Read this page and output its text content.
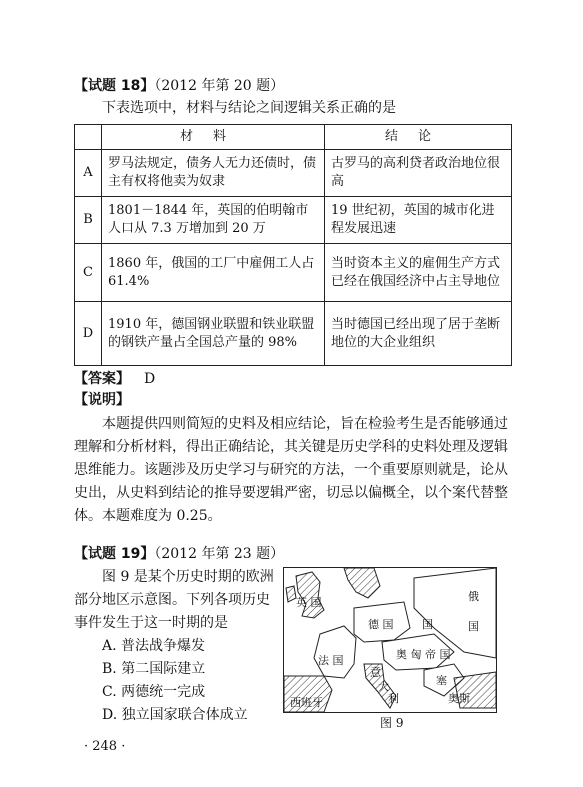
【试题 18】（2012 年第 20 题）
下表选项中，材料与结论之间逻辑关系正确的是
	材料	结论
A	罗马法规定，债务人无力还债时，债主有权将他卖为奴隶	古罗马的高利贷者政治地位很高
B	1801－1844 年，英国的伯明翰市人口从 7.3 万增加到 20 万	19 世纪初，英国的城市化进程发展迅速
C	1860 年，俄国的工厂中雇佣工人占 61.4%	当时资本主义的雇佣生产方式已经在俄国经济中占主导地位
D	1910 年，德国钢业联盟和铁业联盟的钢铁产量占全国总产量的 98%	当时德国已经出现了居于垄断地位的大企业组织
【答案】 D
【说明】
本题提供四则简短的史料及相应结论，旨在检验考生是否能够通过理解和分析材料，得出正确结论，其关键是历史学科的史料处理及逻辑思维能力。该题涉及历史学习与研究的方法，一个重要原则就是，论从史出，从史料到结论的推导要逻辑严密，切忌以偏概全，以个案代替整体。本题难度为 0.25。
【试题 19】（2012 年第 23 题）
图 9 是某个历史时期的欧洲
部分地区示意图。下列各项历史
事件发生于这一时期的是
A. 普法战争爆发
B. 第二国际建立
C. 两德统一完成
D. 独立国家联合体成立
英 国	俄
国
德 国	国
奥 匈 帝 国
法 国
意
大
利
西班牙
塞
奥斯
图 9
· 248 ·
